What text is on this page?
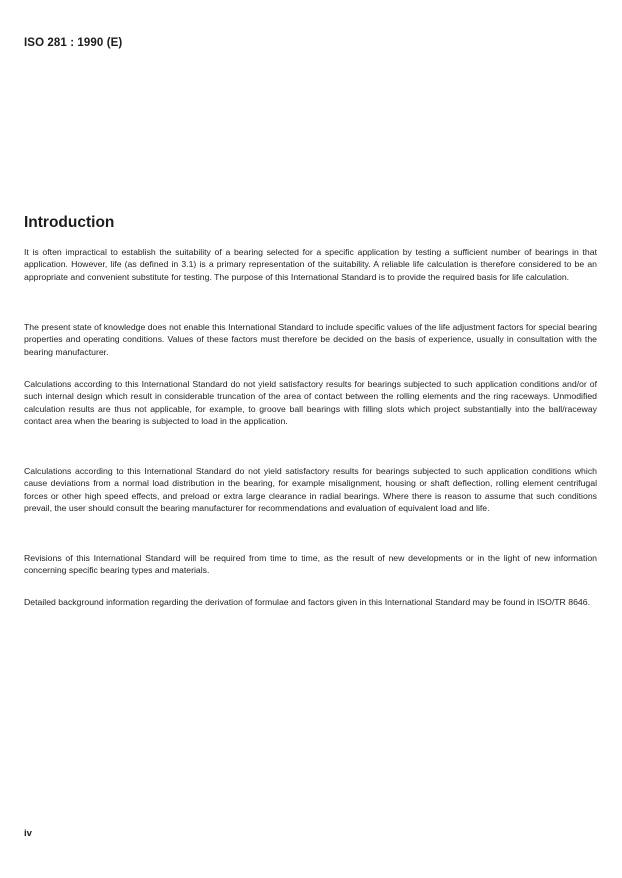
ISO 281 : 1990 (E)
Introduction

It is often impractical to establish the suitability of a bearing selected for a specific application by testing a sufficient number of bearings in that application. However, life (as defined in 3.1) is a primary representation of the suitability. A reliable life calculation is therefore considered to be an appropriate and convenient substitute for testing. The purpose of this International Standard is to provide the required basis for life calculation.

The present state of knowledge does not enable this International Standard to include specific values of the life adjustment factors for special bearing properties and operating conditions. Values of these factors must therefore be decided on the basis of experience, usually in consultation with the bearing manufacturer.

Calculations according to this International Standard do not yield satisfactory results for bearings subjected to such application conditions and/or of such internal design which result in considerable truncation of the area of contact between the rolling elements and the ring raceways. Unmodified calculation results are thus not applicable, for example, to groove ball bearings with filling slots which project substantially into the ball/raceway contact area when the bearing is subjected to load in the application.

Calculations according to this International Standard do not yield satisfactory results for bearings subjected to such application conditions which cause deviations from a normal load distribution in the bearing, for example misalignment, housing or shaft deflection, rolling element centrifugal forces or other high speed effects, and preload or extra large clearance in radial bearings. Where there is reason to assume that such conditions prevail, the user should consult the bearing manufacturer for recommendations and evaluation of equivalent load and life.

Revisions of this International Standard will be required from time to time, as the result of new developments or in the light of new information concerning specific bearing types and materials.

Detailed background information regarding the derivation of formulae and factors given in this International Standard may be found in ISO/TR 8646.

iv
